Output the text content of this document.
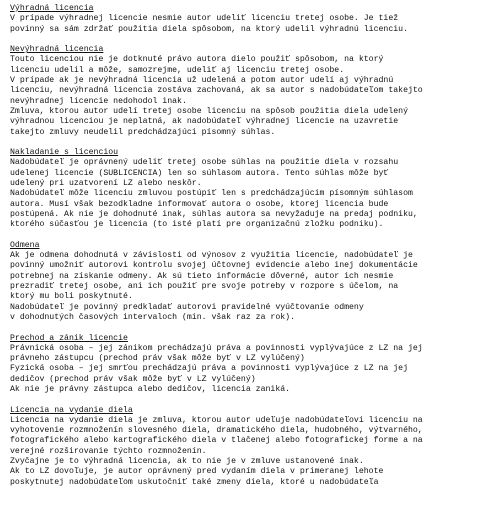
Výhradná licencia
V prípade výhradnej licencie nesmie autor udeliť licenciu tretej osobe. Je tiež
povinný sa sám zdržať použitia diela spôsobom, na ktorý udelil výhradnú licenciu.
Nevýhradná licencia
Touto licenciou nie je dotknuté právo autora dielo použiť spôsobom, na ktorý
licenciu udelil a môže, samozrejme, udeliť aj licenciu tretej osobe.
V prípade ak je nevýhradná licencia už udelená a potom autor udelí aj výhradnú
licenciu, nevýhradná licencia zostáva zachovaná, ak sa autor s nadobúdateľom takejto
nevýhradnej licencie nedohodol inak.
Zmluva, ktorou autor udelí tretej osobe licenciu na spôsob použitia diela udelený
výhradnou licenciou je neplatná, ak nadobúdateľ výhradnej licencie na uzavretie
takejto zmluvy neudelil predchádzajúci písomný súhlas.
Nakladanie s licenciou
Nadobúdateľ je oprávnený udeliť tretej osobe súhlas na použitie diela v rozsahu
udelenej licencie (SUBLICENCIA) len so súhlasom autora. Tento súhlas môže byť
udelený pri uzatvorení LZ alebo neskôr.
Nadobúdateľ môže licenciu zmluvou postúpiť len s predchádzajúcim písomným súhlasom
autora. Musí však bezodkladne informovať autora o osobe, ktorej licencia bude
postúpená. Ak nie je dohodnuté inak, súhlas autora sa nevyžaduje na predaj podniku,
ktorého súčasťou je licencia (to isté platí pre organizačnú zložku podniku).
Odmena
Ak je odmena dohodnutá v závislosti od výnosov z využitia licencie, nadobúdateľ je
povinný umožniť autorovi kontrolu svojej účtovnej evidencie alebo inej dokumentácie
potrebnej na získanie odmeny. Ak sú tieto informácie dôverné, autor ich nesmie
prezradiť tretej osobe, ani ich použiť pre svoje potreby v rozpore s účelom, na
ktorý mu boli poskytnuté.
Nadobúdateľ je povinný predkladať autorovi pravidelné vyúčtovanie odmeny
v dohodnutých časových intervaloch (min. však raz za rok).
Prechod a zánik licencie
Právnická osoba – jej zánikom prechádzajú práva a povinnosti vyplývajúce z LZ na jej
právneho zástupcu (prechod práv však môže byť v LZ vylúčený)
Fyzická osoba – jej smrťou prechádzajú práva a povinnosti vyplývajúce z LZ na jej
dedičov (prechod práv však môže byť v LZ vylúčený)
Ak nie je právny zástupca alebo dedičov, licencia zaniká.
Licencia na vydanie diela
Licencia na vydanie diela je zmluva, ktorou autor udeľuje nadobúdateľovi licenciu na
vyhotovenie rozmnoženín slovesného diela, dramatického diela, hudobného, výtvarného,
fotografického alebo kartografického diela v tlačenej alebo fotografickej forme a na
verejné rozširovanie týchto rozmnoženín.
Zvyčajne je to výhradná licencia, ak to nie je v zmluve ustanovené inak.
Ak to LZ dovoľuje, je autor oprávnený pred vydaním diela v primeranej lehote
poskytnutej nadobúdateľom uskutočniť také zmeny diela, ktoré u nadobúdateľa
